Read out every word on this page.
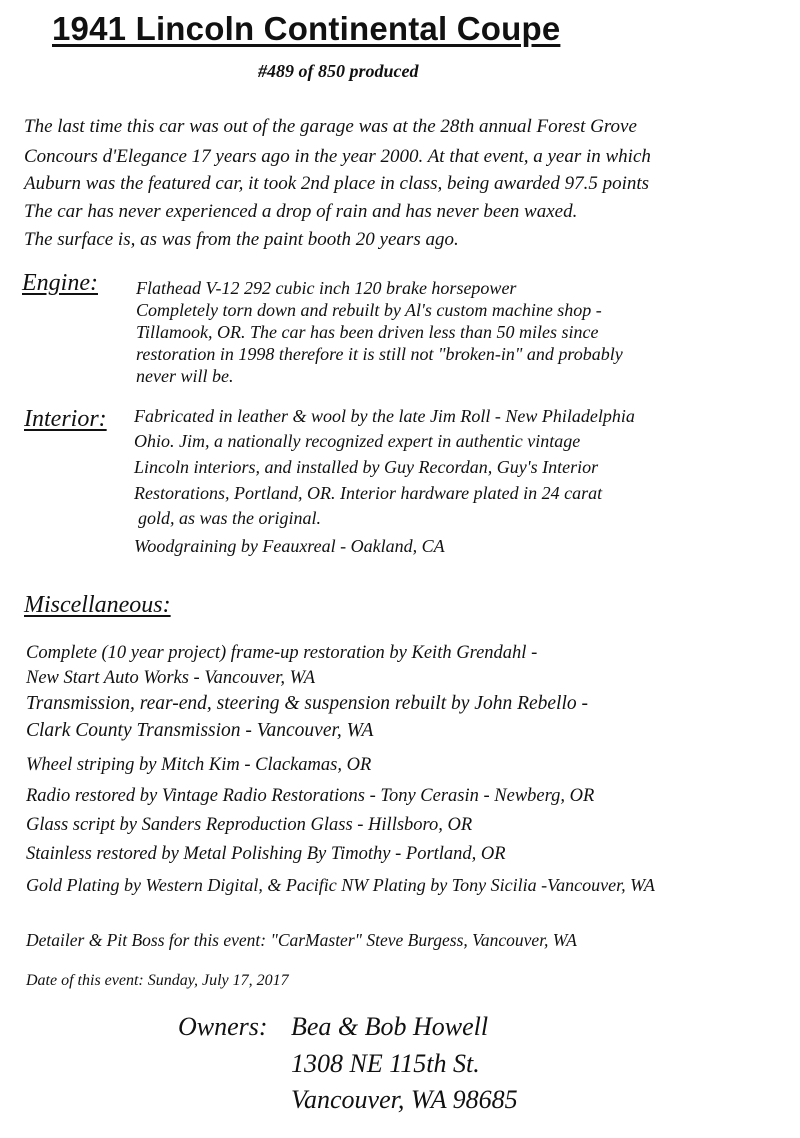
1941 Lincoln Continental Coupe
#489 of 850 produced
The last time this car was out of the garage was at the 28th annual Forest Grove
Concours d'Elegance 17 years ago in the year 2000. At that event, a year in which
Auburn was the featured car, it took 2nd place in class, being awarded 97.5 points
The car has never experienced a drop of rain and has never been waxed.
The surface is, as was from the paint booth 20 years ago.
Engine: Flathead V-12 292 cubic inch 120 brake horsepower
Completely torn down and rebuilt by Al's custom machine shop -
Tillamook, OR. The car has been driven less than 50 miles since
restoration in 1998 therefore it is still not "broken-in" and probably
never will be.
Interior: Fabricated in leather & wool by the late Jim Roll - New Philadelphia
Ohio. Jim, a nationally recognized expert in authentic vintage
Lincoln interiors, and installed by Guy Recordan, Guy's Interior
Restorations, Portland, OR. Interior hardware plated in 24 carat
gold, as was the original.
Woodgraining by Feauxreal - Oakland, CA
Miscellaneous:
Complete (10 year project) frame-up restoration by Keith Grendahl -
New Start Auto Works - Vancouver, WA
Transmission, rear-end, steering & suspension rebuilt by John Rebello -
Clark County Transmission - Vancouver, WA
Wheel striping by Mitch Kim - Clackamas, OR
Radio restored by Vintage Radio Restorations - Tony Cerasin - Newberg, OR
Glass script by Sanders Reproduction Glass - Hillsboro, OR
Stainless restored by Metal Polishing By Timothy - Portland, OR
Gold Plating by Western Digital, & Pacific NW Plating by Tony Sicilia -Vancouver, WA
Detailer & Pit Boss for this event: "CarMaster" Steve Burgess, Vancouver, WA
Date of this event: Sunday, July 17, 2017
Owners: Bea & Bob Howell
1308 NE 115th St.
Vancouver, WA 98685
